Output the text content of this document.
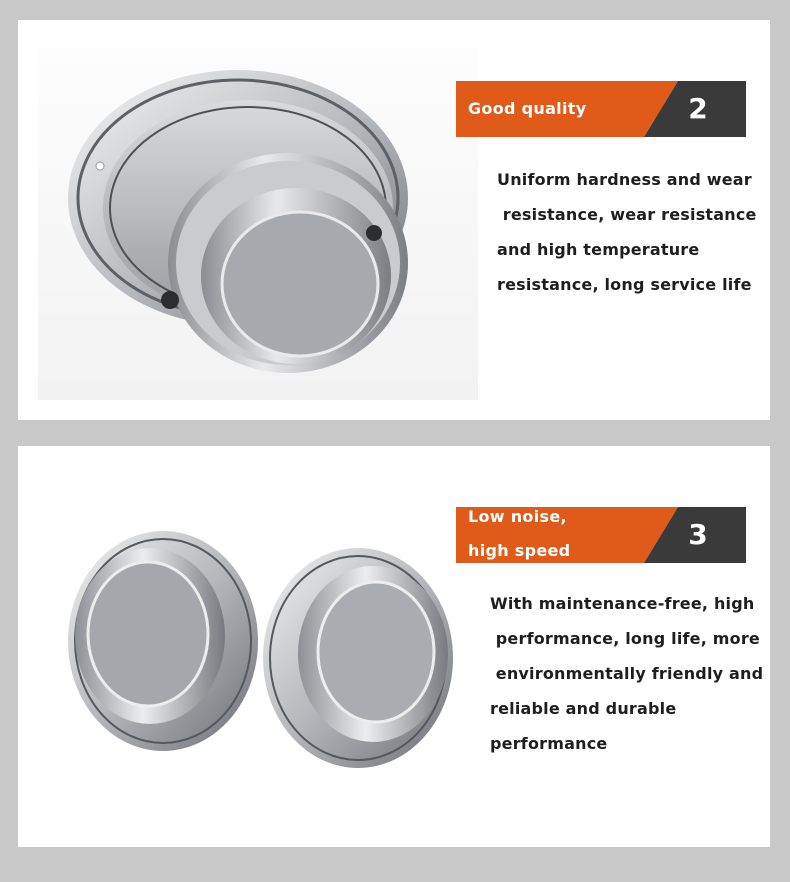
Good quality	2
Uniform hardness and wear
resistance, wear resistance
and high temperature
resistance, long service life
Low noise,
high speed	3
With maintenance-free, high
performance, long life, more
environmentally friendly and
reliable and durable
performance
